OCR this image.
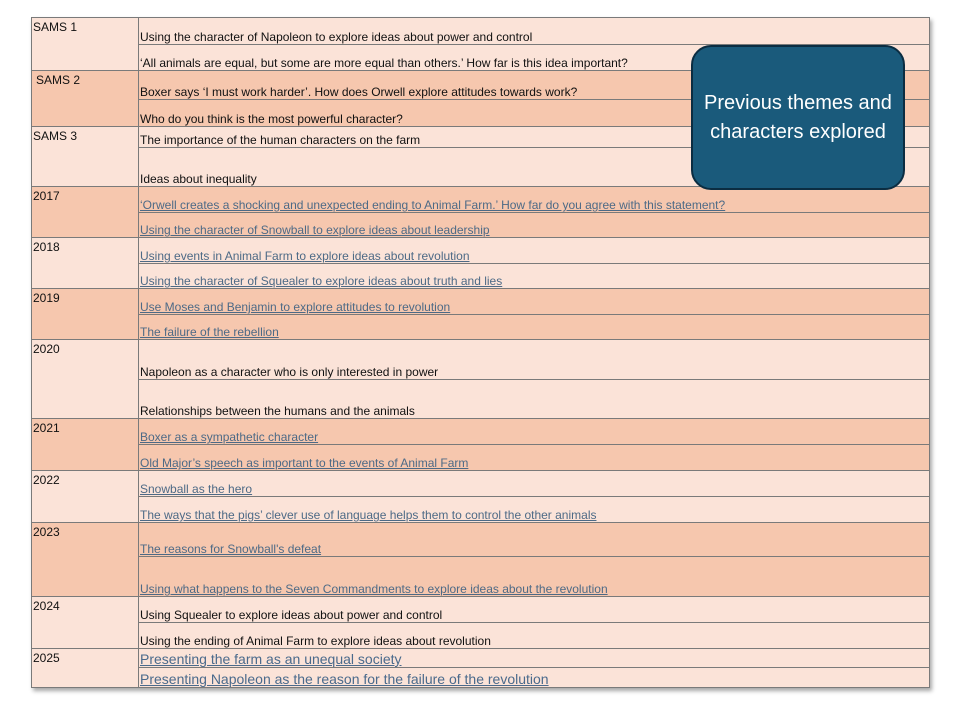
SAMS 1	Using the character of Napoleon to explore ideas about power and control
	‘All animals are equal, but some are more equal than others.’ How far is this idea important?
SAMS 2	Boxer says ‘I must work harder’. How does Orwell explore attitudes towards work?
	Who do you think is the most powerful character?
SAMS 3	The importance of the human characters on the farm
	Ideas about inequality
2017	‘Orwell creates a shocking and unexpected ending to Animal Farm.’ How far do you agree with this statement?
	Using the character of Snowball to explore ideas about leadership
2018	Using events in Animal Farm to explore ideas about revolution
	Using the character of Squealer to explore ideas about truth and lies
2019	Use Moses and Benjamin to explore attitudes to revolution
	The failure of the rebellion
2020	Napoleon as a character who is only interested in power
	Relationships between the humans and the animals
2021	Boxer as a sympathetic character
	Old Major’s speech as important to the events of Animal Farm
2022	Snowball as the hero
	The ways that the pigs’ clever use of language helps them to control the other animals
2023	The reasons for Snowball's defeat
	Using what happens to the Seven Commandments to explore ideas about the revolution
2024	Using Squealer to explore ideas about power and control
	Using the ending of Animal Farm to explore ideas about revolution
2025	Presenting the farm as an unequal society
	Presenting Napoleon as the reason for the failure of the revolution
Previous themes and characters explored
